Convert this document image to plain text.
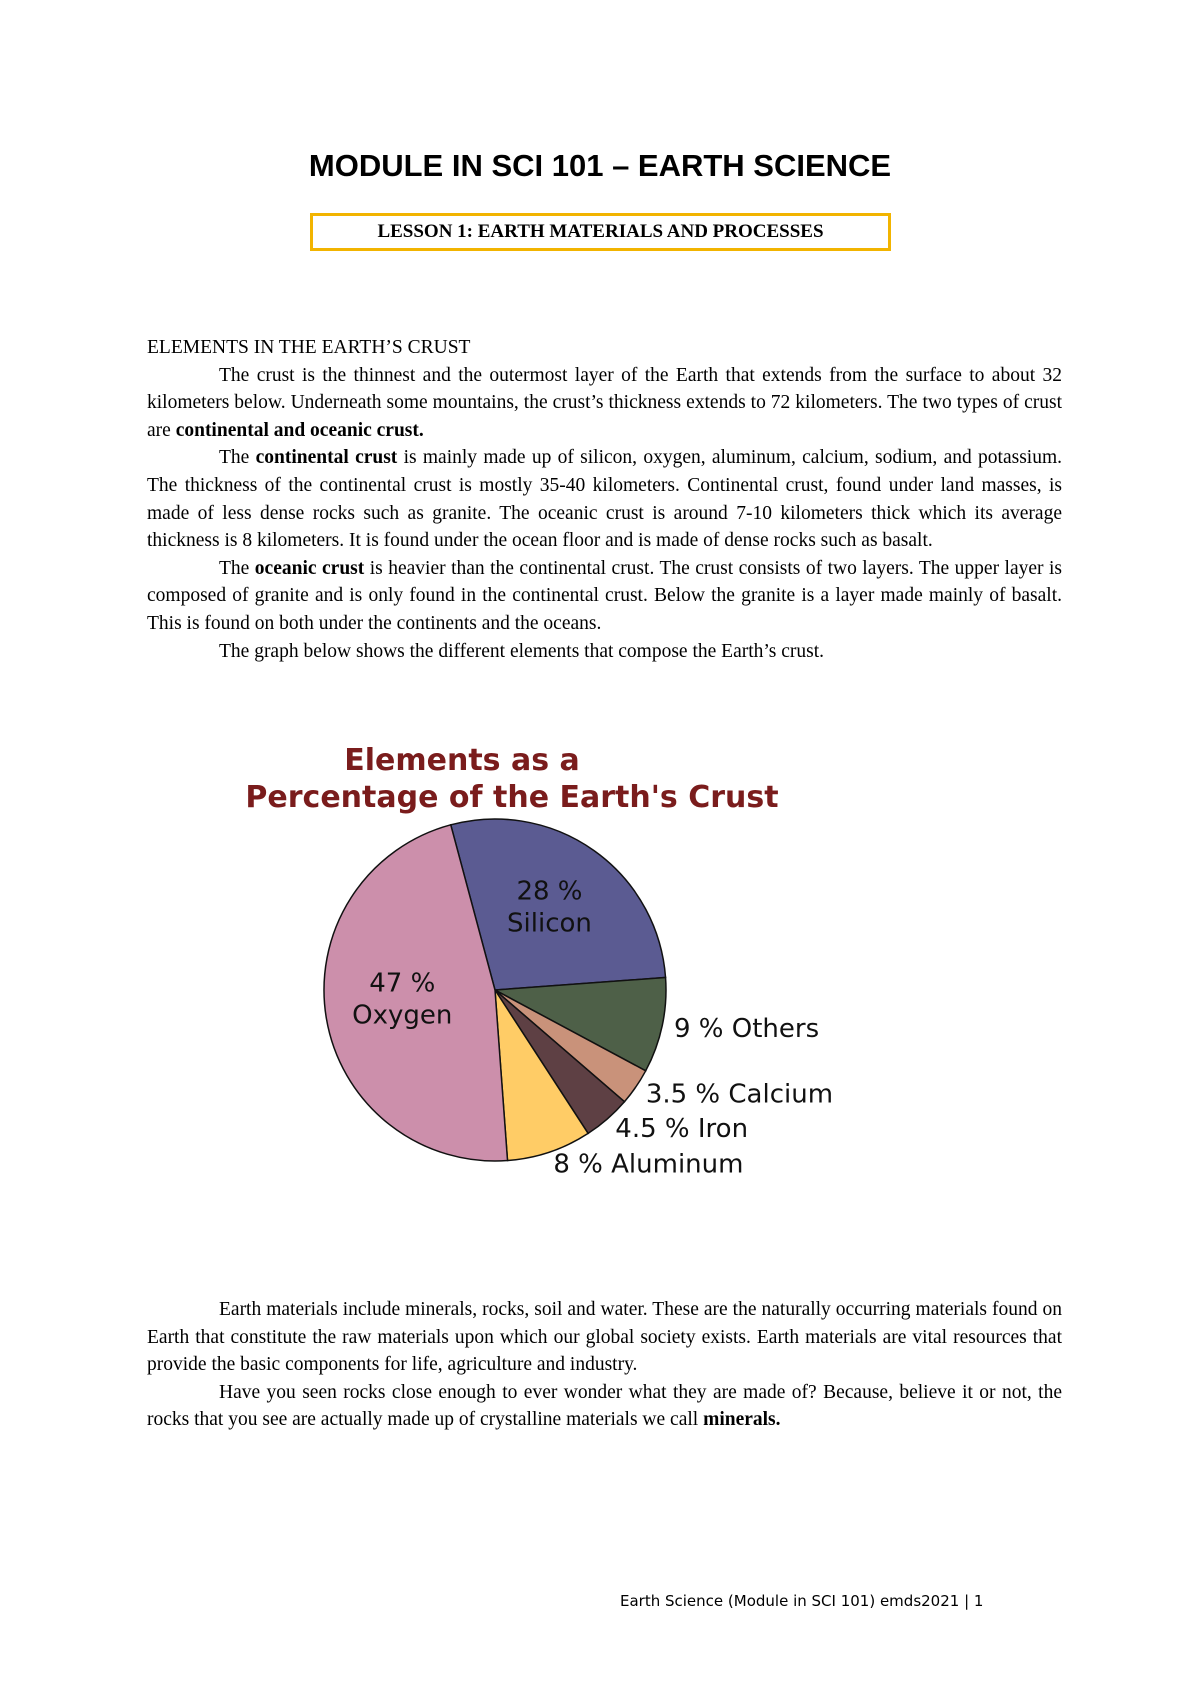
MODULE IN SCI 101 – EARTH SCIENCE
LESSON 1: EARTH MATERIALS AND PROCESSES
ELEMENTS IN THE EARTH’S CRUST

The crust is the thinnest and the outermost layer of the Earth that extends from the surface to about 32 kilometers below. Underneath some mountains, the crust’s thickness extends to 72 kilometers. The two types of crust are continental and oceanic crust.

The continental crust is mainly made up of silicon, oxygen, aluminum, calcium, sodium, and potassium. The thickness of the continental crust is mostly 35-40 kilometers. Continental crust, found under land masses, is made of less dense rocks such as granite. The oceanic crust is around 7-10 kilometers thick which its average thickness is 8 kilometers. It is found under the ocean floor and is made of dense rocks such as basalt.

The oceanic crust is heavier than the continental crust. The crust consists of two layers. The upper layer is composed of granite and is only found in the continental crust. Below the granite is a layer made mainly of basalt. This is found on both under the continents and the oceans.

The graph below shows the different elements that compose the Earth’s crust.

Elements as a
Percentage of the Earth's Crust
28 % Silicon
9 % Others
3.5 % Calcium
4.5 % Iron
8 % Aluminum
47 % Oxygen

Earth materials include minerals, rocks, soil and water. These are the naturally occurring materials found on Earth that constitute the raw materials upon which our global society exists. Earth materials are vital resources that provide the basic components for life, agriculture and industry.

Have you seen rocks close enough to ever wonder what they are made of? Because, believe it or not, the rocks that you see are actually made up of crystalline materials we call minerals.

Earth Science (Module in SCI 101) emds2021 | 1
